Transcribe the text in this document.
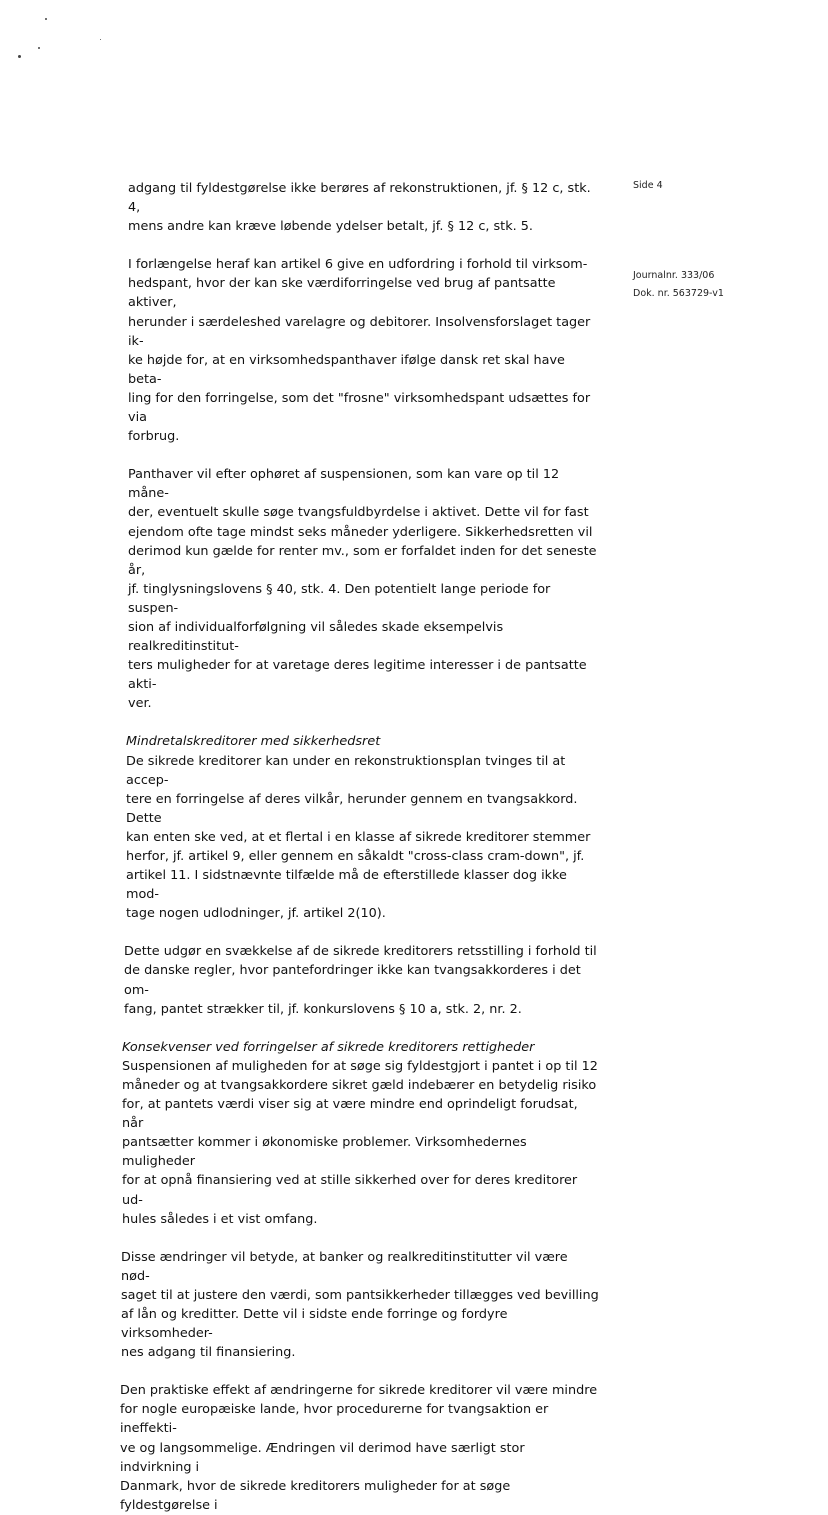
Side 4
Journalnr. 333/06
Dok. nr. 563729-v1

adgang til fyldestgørelse ikke berøres af rekonstruktionen, jf. § 12 c, stk. 4,

mens andre kan kræve løbende ydelser betalt, jf. § 12 c, stk. 5.

I forlængelse heraf kan artikel 6 give en udfordring i forhold til virksom-

hedspant, hvor der kan ske værdiforringelse ved brug af pantsatte aktiver,

herunder i særdeleshed varelagre og debitorer. Insolvensforslaget tager ik-

ke højde for, at en virksomhedspanthaver ifølge dansk ret skal have beta-

ling for den forringelse, som det "frosne" virksomhedspant udsættes for via

forbrug.

Panthaver vil efter ophøret af suspensionen, som kan vare op til 12 måne-

der, eventuelt skulle søge tvangsfuldbyrdelse i aktivet. Dette vil for fast

ejendom ofte tage mindst seks måneder yderligere. Sikkerhedsretten vil

derimod kun gælde for renter mv., som er forfaldet inden for det seneste år,

jf. tinglysningslovens § 40, stk. 4. Den potentielt lange periode for suspen-

sion af individualforfølgning vil således skade eksempelvis realkreditinstitut-

ters muligheder for at varetage deres legitime interesser i de pantsatte akti-

ver.

Mindretalskreditorer med sikkerhedsret

De sikrede kreditorer kan under en rekonstruktionsplan tvinges til at accep-

tere en forringelse af deres vilkår, herunder gennem en tvangsakkord. Dette

kan enten ske ved, at et flertal i en klasse af sikrede kreditorer stemmer

herfor, jf. artikel 9, eller gennem en såkaldt "cross-class cram-down", jf.

artikel 11. I sidstnævnte tilfælde må de efterstillede klasser dog ikke mod-

tage nogen udlodninger, jf. artikel 2(10).

Dette udgør en svækkelse af de sikrede kreditorers retsstilling i forhold til

de danske regler, hvor pantefordringer ikke kan tvangsakkorderes i det om-

fang, pantet strækker til, jf. konkurslovens § 10 a, stk. 2, nr. 2.

Konsekvenser ved forringelser af sikrede kreditorers rettigheder

Suspensionen af muligheden for at søge sig fyldestgjort i pantet i op til 12

måneder og at tvangsakkordere sikret gæld indebærer en betydelig risiko

for, at pantets værdi viser sig at være mindre end oprindeligt forudsat, når

pantsætter kommer i økonomiske problemer. Virksomhedernes muligheder

for at opnå finansiering ved at stille sikkerhed over for deres kreditorer ud-

hules således i et vist omfang.

Disse ændringer vil betyde, at banker og realkreditinstitutter vil være nød-

saget til at justere den værdi, som pantsikkerheder tillægges ved bevilling

af lån og kreditter. Dette vil i sidste ende forringe og fordyre virksomheder-

nes adgang til finansiering.

Den praktiske effekt af ændringerne for sikrede kreditorer vil være mindre

for nogle europæiske lande, hvor procedurerne for tvangsaktion er ineffekti-

ve og langsommelige. Ændringen vil derimod have særligt stor indvirkning i

Danmark, hvor de sikrede kreditorers muligheder for at søge fyldestgørelse i
